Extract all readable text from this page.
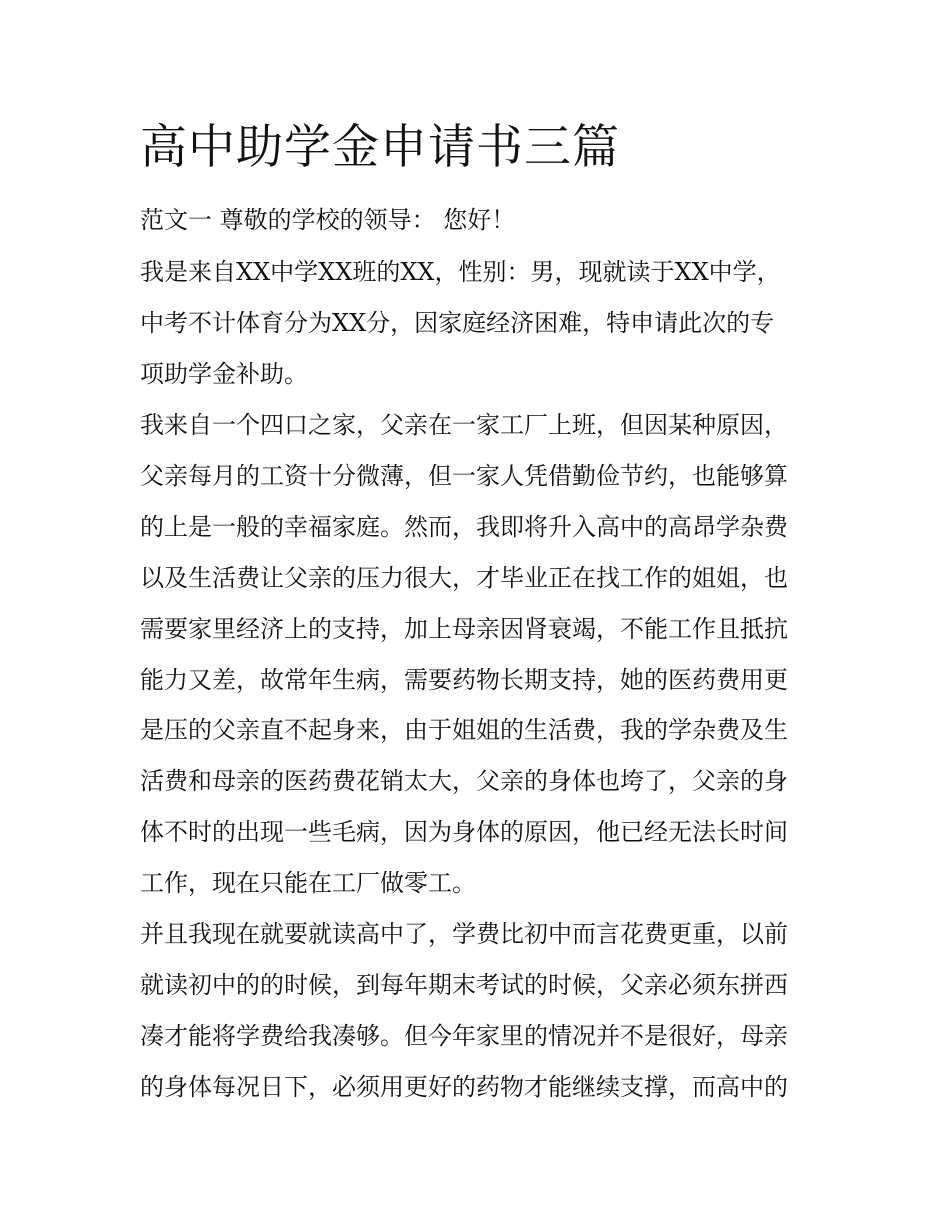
高中助学金申请书三篇

范文一 尊敬的学校的领导： 您好！

我是来自XX中学XX班的XX，性别：男，现就读于XX中学，

中考不计体育分为XX分，因家庭经济困难，特申请此次的专

项助学金补助。

我来自一个四口之家，父亲在一家工厂上班，但因某种原因，

父亲每月的工资十分微薄，但一家人凭借勤俭节约，也能够算

的上是一般的幸福家庭。然而，我即将升入高中的高昂学杂费

以及生活费让父亲的压力很大，才毕业正在找工作的姐姐，也

需要家里经济上的支持，加上母亲因肾衰竭，不能工作且抵抗

能力又差，故常年生病，需要药物长期支持，她的医药费用更

是压的父亲直不起身来，由于姐姐的生活费，我的学杂费及生

活费和母亲的医药费花销太大，父亲的身体也垮了，父亲的身

体不时的出现一些毛病，因为身体的原因，他已经无法长时间

工作，现在只能在工厂做零工。

并且我现在就要就读高中了，学费比初中而言花费更重，以前

就读初中的的时候，到每年期末考试的时候，父亲必须东拼西

凑才能将学费给我凑够。但今年家里的情况并不是很好，母亲

的身体每况日下，必须用更好的药物才能继续支撑，而高中的
